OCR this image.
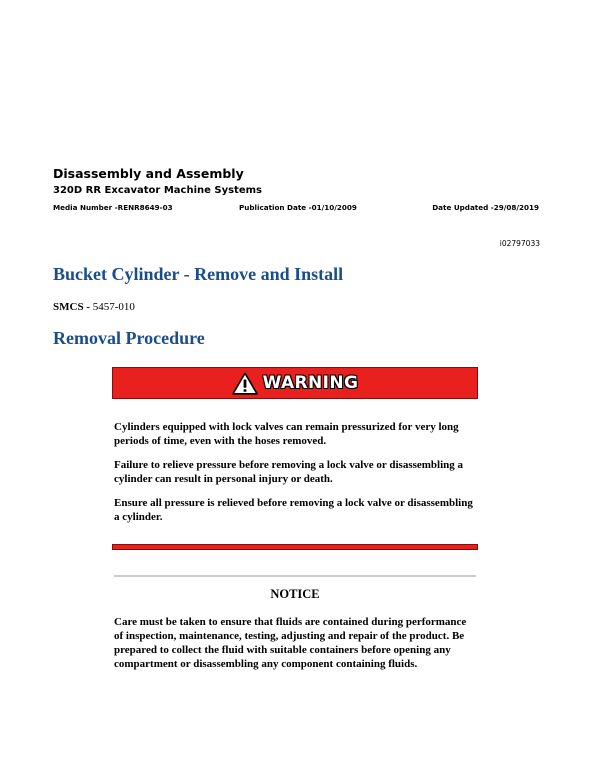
Disassembly and Assembly
320D RR Excavator Machine Systems
Media Number -RENR8649-03	Publication Date -01/10/2009	Date Updated -29/08/2019
i02797033
Bucket Cylinder - Remove and Install
SMCS - 5457-010
Removal Procedure
WARNING

Cylinders equipped with lock valves can remain pressurized for very long periods of time, even with the hoses removed.

Failure to relieve pressure before removing a lock valve or disassembling a cylinder can result in personal injury or death.

Ensure all pressure is relieved before removing a lock valve or disassembling a cylinder.

NOTICE

Care must be taken to ensure that fluids are contained during performance of inspection, maintenance, testing, adjusting and repair of the product. Be prepared to collect the fluid with suitable containers before opening any compartment or disassembling any component containing fluids.
